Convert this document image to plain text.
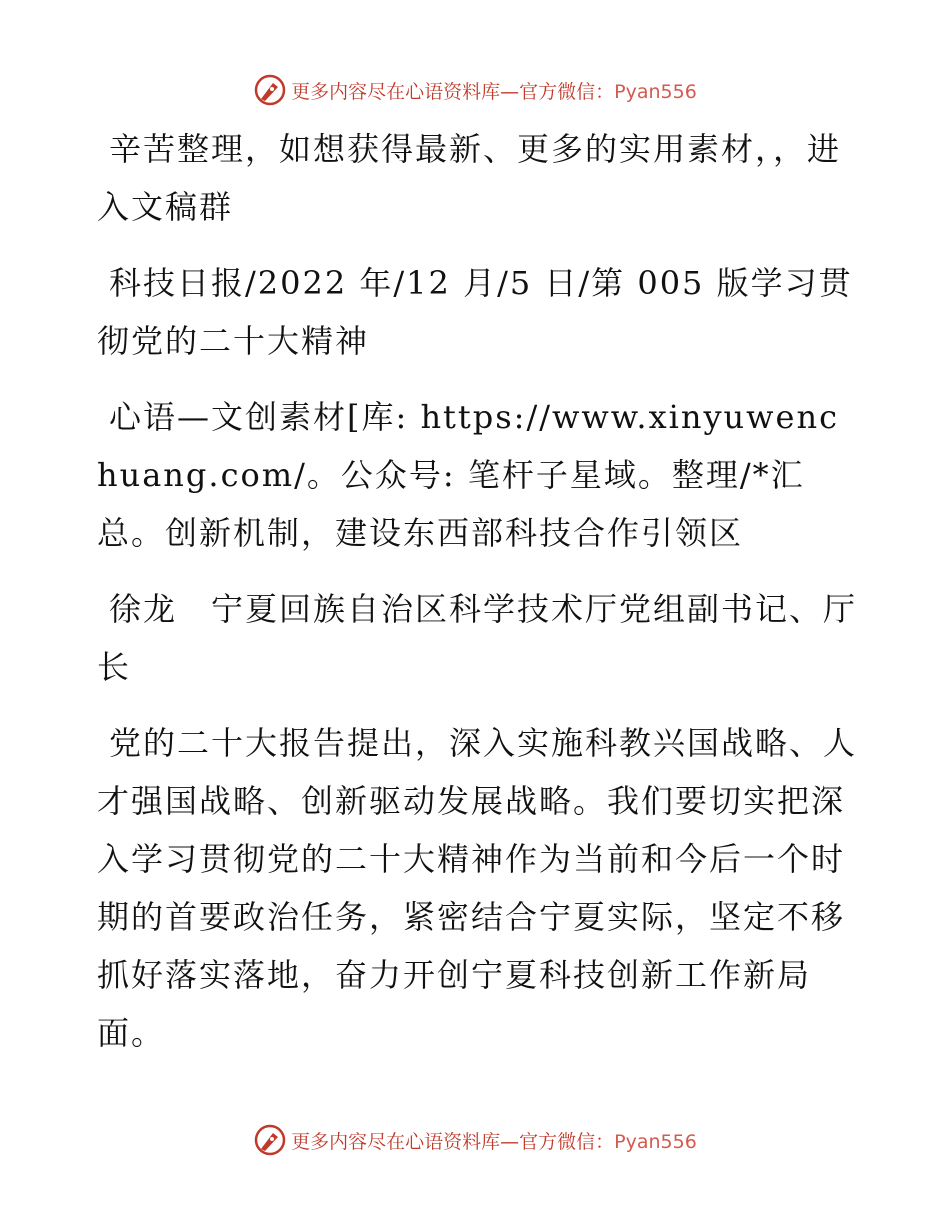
更多内容尽在心语资料库—官方微信：Pyan556

辛苦整理，如想获得最新、更多的实用素材，，进入文稿群

科技日报/2022 年/12 月/5 日/第 005 版学习贯彻党的二十大精神

心语—文创素材[库: https://www.xinyuwenchuang.com/。公众号: 笔杆子星域。整理/*汇总。创新机制，建设东西部科技合作引领区

徐龙　宁夏回族自治区科学技术厅党组副书记、厅长

党的二十大报告提出，深入实施科教兴国战略、人才强国战略、创新驱动发展战略。我们要切实把深入学习贯彻党的二十大精神作为当前和今后一个时期的首要政治任务，紧密结合宁夏实际，坚定不移抓好落实落地，奋力开创宁夏科技创新工作新局面。

更多内容尽在心语资料库—官方微信：Pyan556
